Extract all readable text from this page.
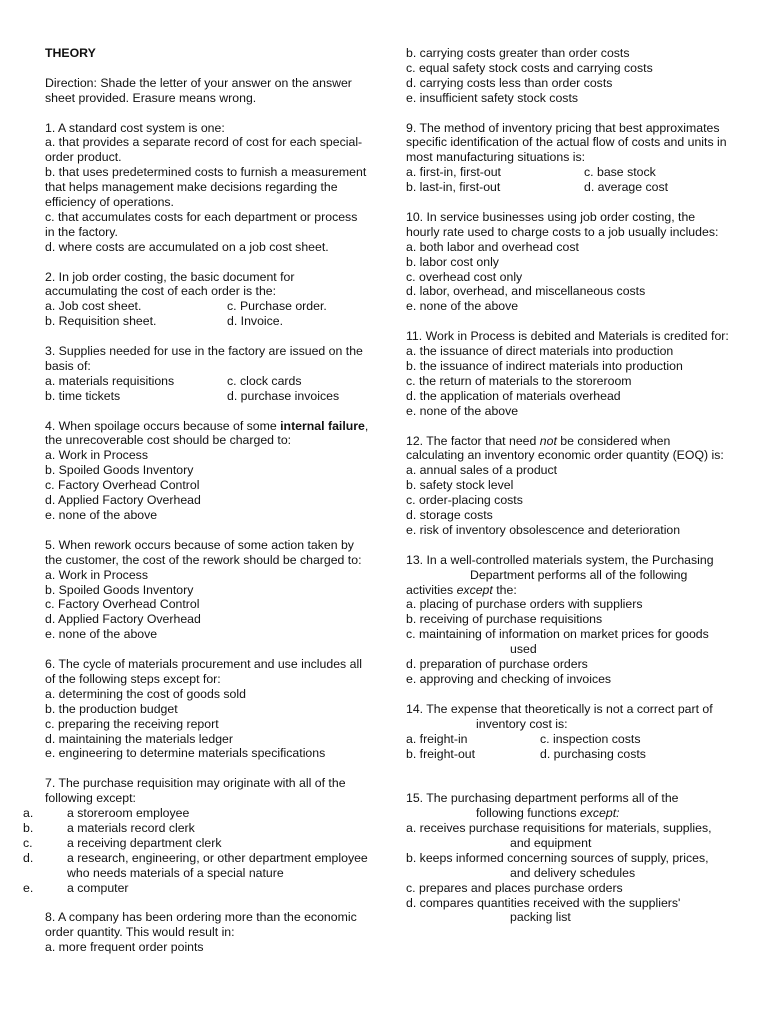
THEORY
Direction: Shade the letter of your answer on the answer sheet provided. Erasure means wrong.
1. A standard cost system is one:
a. that provides a separate record of cost for each special-order product.
b. that uses predetermined costs to furnish a measurement that helps management make decisions regarding the efficiency of operations.
c. that accumulates costs for each department or process in the factory.
d. where costs are accumulated on a job cost sheet.
2. In job order costing, the basic document for accumulating the cost of each order is the:
a. Job cost sheet.	c. Purchase order.
b. Requisition sheet.	d. Invoice.
3. Supplies needed for use in the factory are issued on the basis of:
a. materials requisitions	c. clock cards
b. time tickets	d. purchase invoices
4. When spoilage occurs because of some internal failure, the unrecoverable cost should be charged to:
a. Work in Process
b. Spoiled Goods Inventory
c. Factory Overhead Control
d. Applied Factory Overhead
e. none of the above
5. When rework occurs because of some action taken by the customer, the cost of the rework should be charged to:
a. Work in Process
b. Spoiled Goods Inventory
c. Factory Overhead Control
d. Applied Factory Overhead
e. none of the above
6. The cycle of materials procurement and use includes all of the following steps except for:
a. determining the cost of goods sold
b. the production budget
c. preparing the receiving report
d. maintaining the materials ledger
e. engineering to determine materials specifications
7. The purchase requisition may originate with all of the following except:
a.	a storeroom employee
b.	a materials record clerk
c.	a receiving department clerk
d.	a research, engineering, or other department employee who needs materials of a special nature
e.	a computer
8. A company has been ordering more than the economic order quantity. This would result in:
a. more frequent order points
b. carrying costs greater than order costs
c. equal safety stock costs and carrying costs
d. carrying costs less than order costs
e. insufficient safety stock costs
9. The method of inventory pricing that best approximates specific identification of the actual flow of costs and units in most manufacturing situations is:
a. first-in, first-out	c. base stock
b. last-in, first-out	d. average cost
10. In service businesses using job order costing, the hourly rate used to charge costs to a job usually includes:
a. both labor and overhead cost
b. labor cost only
c. overhead cost only
d. labor, overhead, and miscellaneous costs
e. none of the above
11. Work in Process is debited and Materials is credited for:
a. the issuance of direct materials into production
b. the issuance of indirect materials into production
c. the return of materials to the storeroom
d. the application of materials overhead
e. none of the above
12. The factor that need not be considered when calculating an inventory economic order quantity (EOQ) is:
a. annual sales of a product
b. safety stock level
c. order-placing costs
d. storage costs
e. risk of inventory obsolescence and deterioration
13. In a well-controlled materials system, the Purchasing
Department performs all of the following
activities except the:
a. placing of purchase orders with suppliers
b. receiving of purchase requisitions
c. maintaining of information on market prices for goods
used
d. preparation of purchase orders
e. approving and checking of invoices
14. The expense that theoretically is not a correct part of
inventory cost is:
a. freight-in	c. inspection costs
b. freight-out	d. purchasing costs
15. The purchasing department performs all of the
following functions except:
a. receives purchase requisitions for materials, supplies,
and equipment
b. keeps informed concerning sources of supply, prices,
and delivery schedules
c. prepares and places purchase orders
d. compares quantities received with the suppliers'
packing list
